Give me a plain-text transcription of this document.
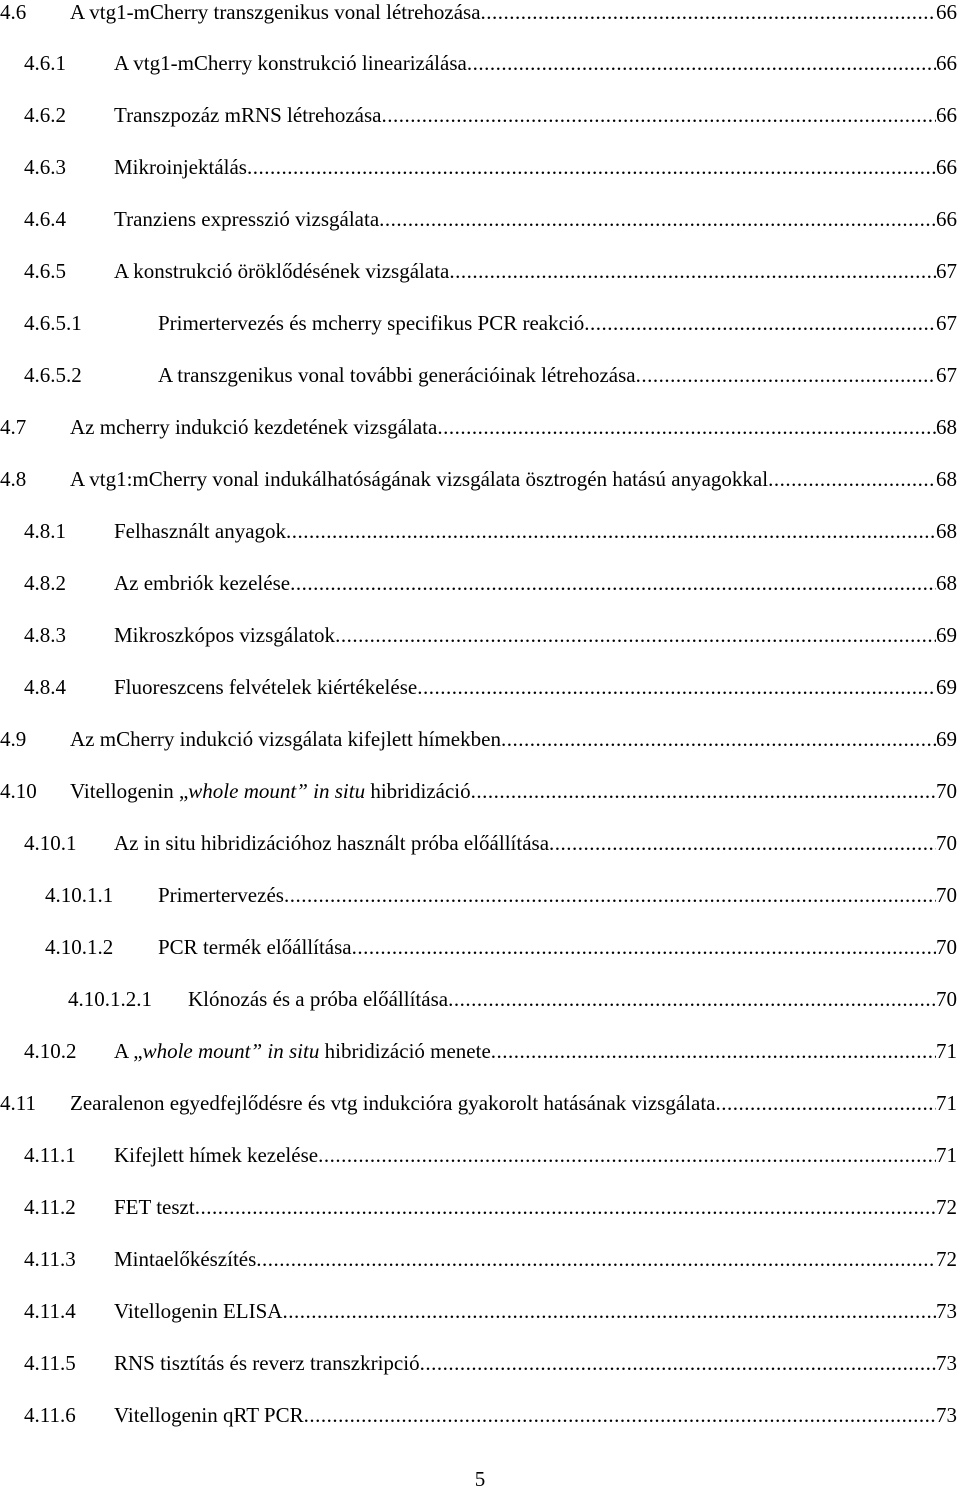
4.6	A vtg1-mCherry transzgenikus vonal létrehozása .....	66
4.6.1	A vtg1-mCherry konstrukció linearizálása .....	66
4.6.2	Transzpozáz mRNS létrehozása .....	66
4.6.3	Mikroinjektálás .....	66
4.6.4	Tranziens expresszió vizsgálata .....	66
4.6.5	A konstrukció öröklődésének vizsgálata .....	67
4.6.5.1	Primertervezés és mcherry specifikus PCR reakció .....	67
4.6.5.2	A transzgenikus vonal további generációinak létrehozása .....	67
4.7	Az mcherry indukció kezdetének vizsgálata .....	68
4.8	A vtg1:mCherry vonal indukálhatóságának vizsgálata ösztrogén hatású anyagokkal .....	68
4.8.1	Felhasznált anyagok .....	68
4.8.2	Az embriók kezelése .....	68
4.8.3	Mikroszkópos vizsgálatok .....	69
4.8.4	Fluoreszcens felvételek kiértékelése .....	69
4.9	Az mCherry indukció vizsgálata kifejlett hímekben .....	69
4.10	Vitellogenin „whole mount” in situ hibridizáció .....	70
4.10.1	Az in situ hibridizációhoz használt próba előállítása .....	70
4.10.1.1	Primertervezés .....	70
4.10.1.2	PCR termék előállítása .....	70
4.10.1.2.1	Klónozás és a próba előállítása .....	70
4.10.2	A „whole mount” in situ hibridizáció menete .....	71
4.11	Zearalenon egyedfejlődésre és vtg indukcióra gyakorolt hatásának vizsgálata .....	71
4.11.1	Kifejlett hímek kezelése .....	71
4.11.2	FET teszt .....	72
4.11.3	Mintaelőkészítés .....	72
4.11.4	Vitellogenin ELISA .....	73
4.11.5	RNS tisztítás és reverz transzkripció .....	73
4.11.6	Vitellogenin qRT PCR .....	73
5
